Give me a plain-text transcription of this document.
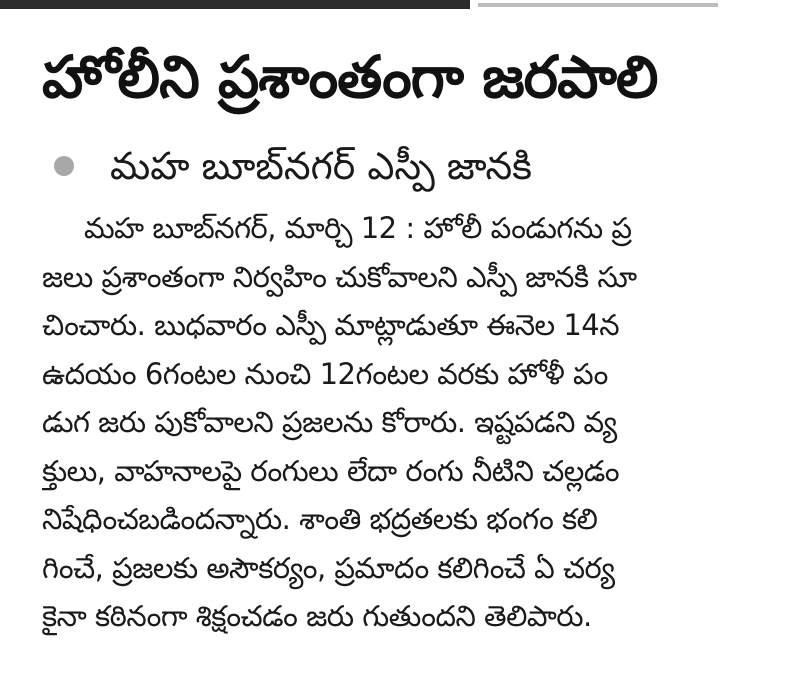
హోలీని ప్రశాంతంగా జరపాలి
మహ బూబ్‌నగర్ ఎస్పీ జానకి
మహ బూబ్‌నగర్, మార్చి 12 : హోలీ పండుగను ప్ర
జలు ప్రశాంతంగా నిర్వహిం చుకోవాలని ఎస్పీ జానకి సూ
చించారు. బుధవారం ఎస్పీ మాట్లాడుతూ ఈనెల 14న
ఉదయం 6గంటల నుంచి 12గంటల వరకు హోళీ పం
డుగ జరు పుకోవాలని ప్రజలను కోరారు. ఇష్టపడని వ్య
క్తులు, వాహనాలపై రంగులు లేదా రంగు నీటిని చల్లడం
నిషేధించబడిందన్నారు. శాంతి భద్రతలకు భంగం కలి
గించే, ప్రజలకు అసౌకర్యం, ప్రమాదం కలిగించే ఏ చర్య
కైనా కఠినంగా శిక్షంచడం జరు గుతుందని తెలిపారు.
